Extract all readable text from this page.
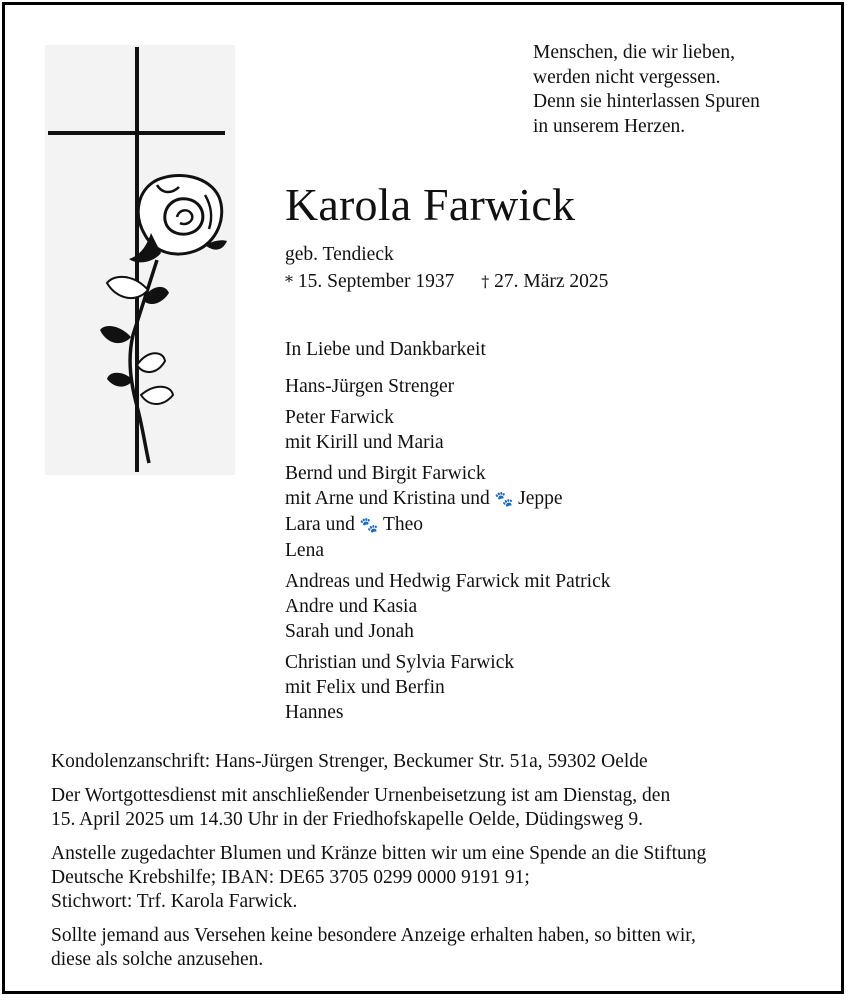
Menschen, die wir lieben,
werden nicht vergessen.
Denn sie hinterlassen Spuren
in unserem Herzen.
Karola Farwick
geb. Tendieck
* 15. September 1937 † 27. März 2025
In Liebe und Dankbarkeit
Hans-Jürgen Strenger
Peter Farwick
mit Kirill und Maria
Bernd und Birgit Farwick
mit Arne und Kristina und 🐾 Jeppe
Lara und 🐾 Theo
Lena
Andreas und Hedwig Farwick mit Patrick
Andre und Kasia
Sarah und Jonah
Christian und Sylvia Farwick
mit Felix und Berfin
Hannes

Kondolenzanschrift: Hans-Jürgen Strenger, Beckumer Str. 51a, 59302 Oelde

Der Wortgottesdienst mit anschließender Urnenbeisetzung ist am Dienstag, den
15. April 2025 um 14.30 Uhr in der Friedhofskapelle Oelde, Düdingsweg 9.

Anstelle zugedachter Blumen und Kränze bitten wir um eine Spende an die Stiftung
Deutsche Krebshilfe; IBAN: DE65 3705 0299 0000 9191 91;
Stichwort: Trf. Karola Farwick.

Sollte jemand aus Versehen keine besondere Anzeige erhalten haben, so bitten wir,
diese als solche anzusehen.
